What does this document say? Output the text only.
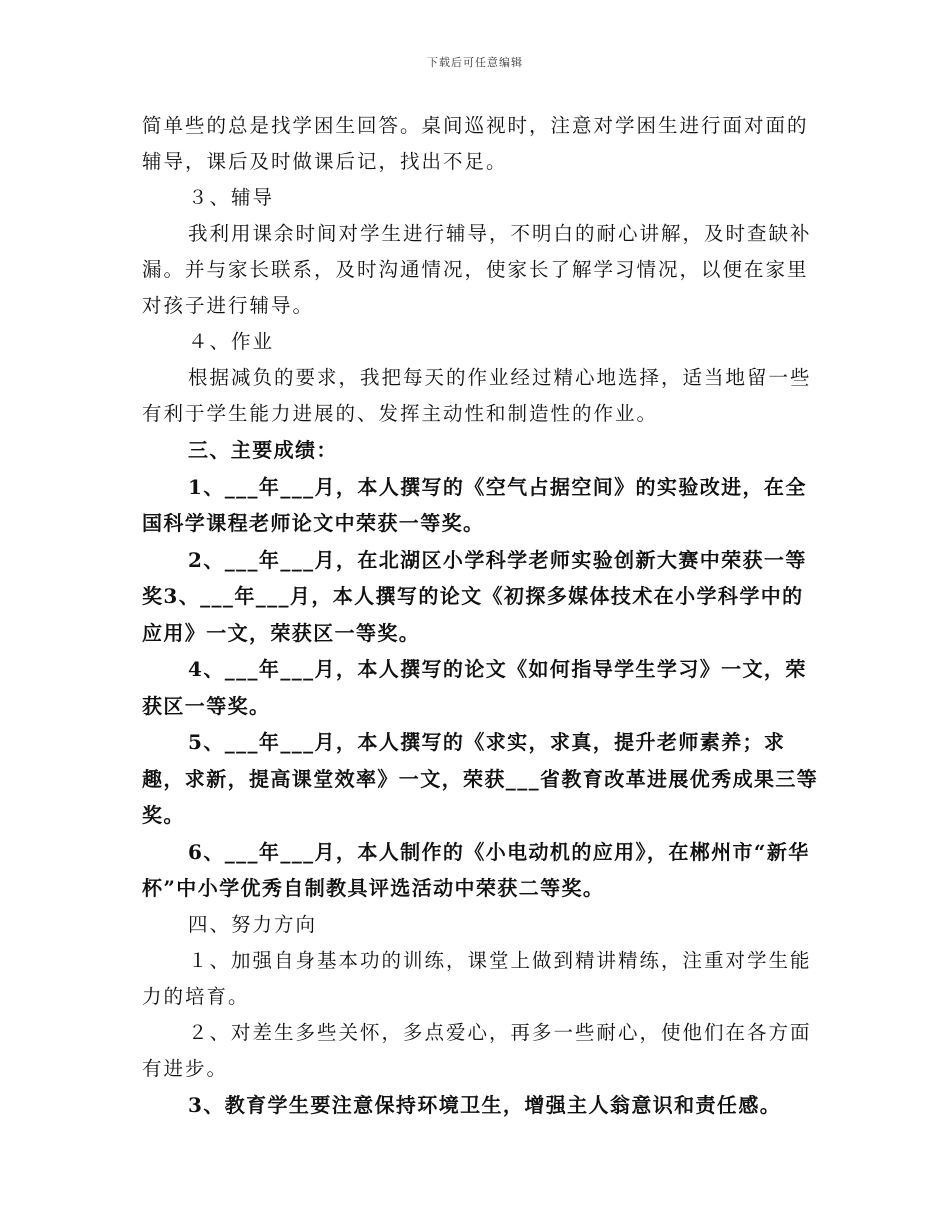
下载后可任意编辑

简单些的总是找学困生回答。桌间巡视时，注意对学困生进行面对面的辅导，课后及时做课后记，找出不足。

３、辅导

我利用课余时间对学生进行辅导，不明白的耐心讲解，及时查缺补漏。并与家长联系，及时沟通情况，使家长了解学习情况，以便在家里对孩子进行辅导。

４、作业

根据减负的要求，我把每天的作业经过精心地选择，适当地留一些有利于学生能力进展的、发挥主动性和制造性的作业。

三、主要成绩：

1、___年___月，本人撰写的《空气占据空间》的实验改进，在全国科学课程老师论文中荣获一等奖。

2、___年___月，在北湖区小学科学老师实验创新大赛中荣获一等奖3、___年___月，本人撰写的论文《初探多媒体技术在小学科学中的应用》一文，荣获区一等奖。

4、___年___月，本人撰写的论文《如何指导学生学习》一文，荣获区一等奖。

5、___年___月，本人撰写的《求实，求真，提升老师素养；求趣，求新，提高课堂效率》一文，荣获___省教育改革进展优秀成果三等奖。

6、___年___月，本人制作的《小电动机的应用》，在郴州市“新华杯”中小学优秀自制教具评选活动中荣获二等奖。

四、努力方向

１、加强自身基本功的训练，课堂上做到精讲精练，注重对学生能力的培育。

２、对差生多些关怀，多点爱心，再多一些耐心，使他们在各方面有进步。

3、教育学生要注意保持环境卫生，增强主人翁意识和责任感。
